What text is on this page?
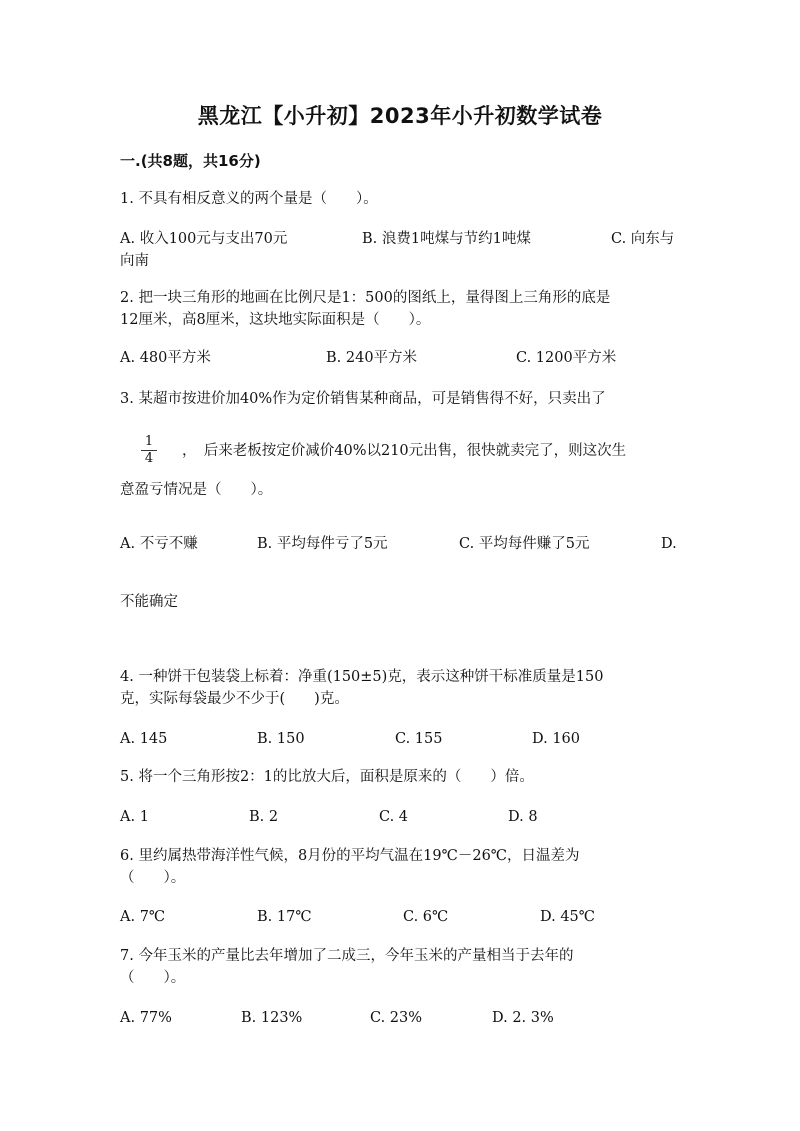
黑龙江【小升初】2023年小升初数学试卷
一.(共8题，共16分)
1. 不具有相反意义的两个量是（　　）。
A. 收入100元与支出70元	B. 浪费1吨煤与节约1吨煤	C. 向东与
向南
2. 把一块三角形的地画在比例尺是1：500的图纸上，量得图上三角形的底是
12厘米，高8厘米，这块地实际面积是（　　）。
A. 480平方米	B. 240平方米	C. 1200平方米
3. 某超市按进价加40%作为定价销售某种商品，可是销售得不好，只卖出了
1
4	，　后来老板按定价减价40%以210元出售，很快就卖完了，则这次生
意盈亏情况是（　　）。
A. 不亏不赚	B. 平均每件亏了5元	C. 平均每件赚了5元	D.
不能确定
4. 一种饼干包装袋上标着：净重(150±5)克，表示这种饼干标准质量是150
克，实际每袋最少不少于(　　)克。
A. 145	B. 150	C. 155	D. 160
5. 将一个三角形按2：1的比放大后，面积是原来的（　　）倍。
A. 1	B. 2	C. 4	D. 8
6. 里约属热带海洋性气候，8月份的平均气温在19℃－26℃，日温差为
（　　）。
A. 7℃	B. 17℃	C. 6℃	D. 45℃
7. 今年玉米的产量比去年增加了二成三，今年玉米的产量相当于去年的
（　　）。
A. 77%	B. 123%	C. 23%	D. 2. 3%
